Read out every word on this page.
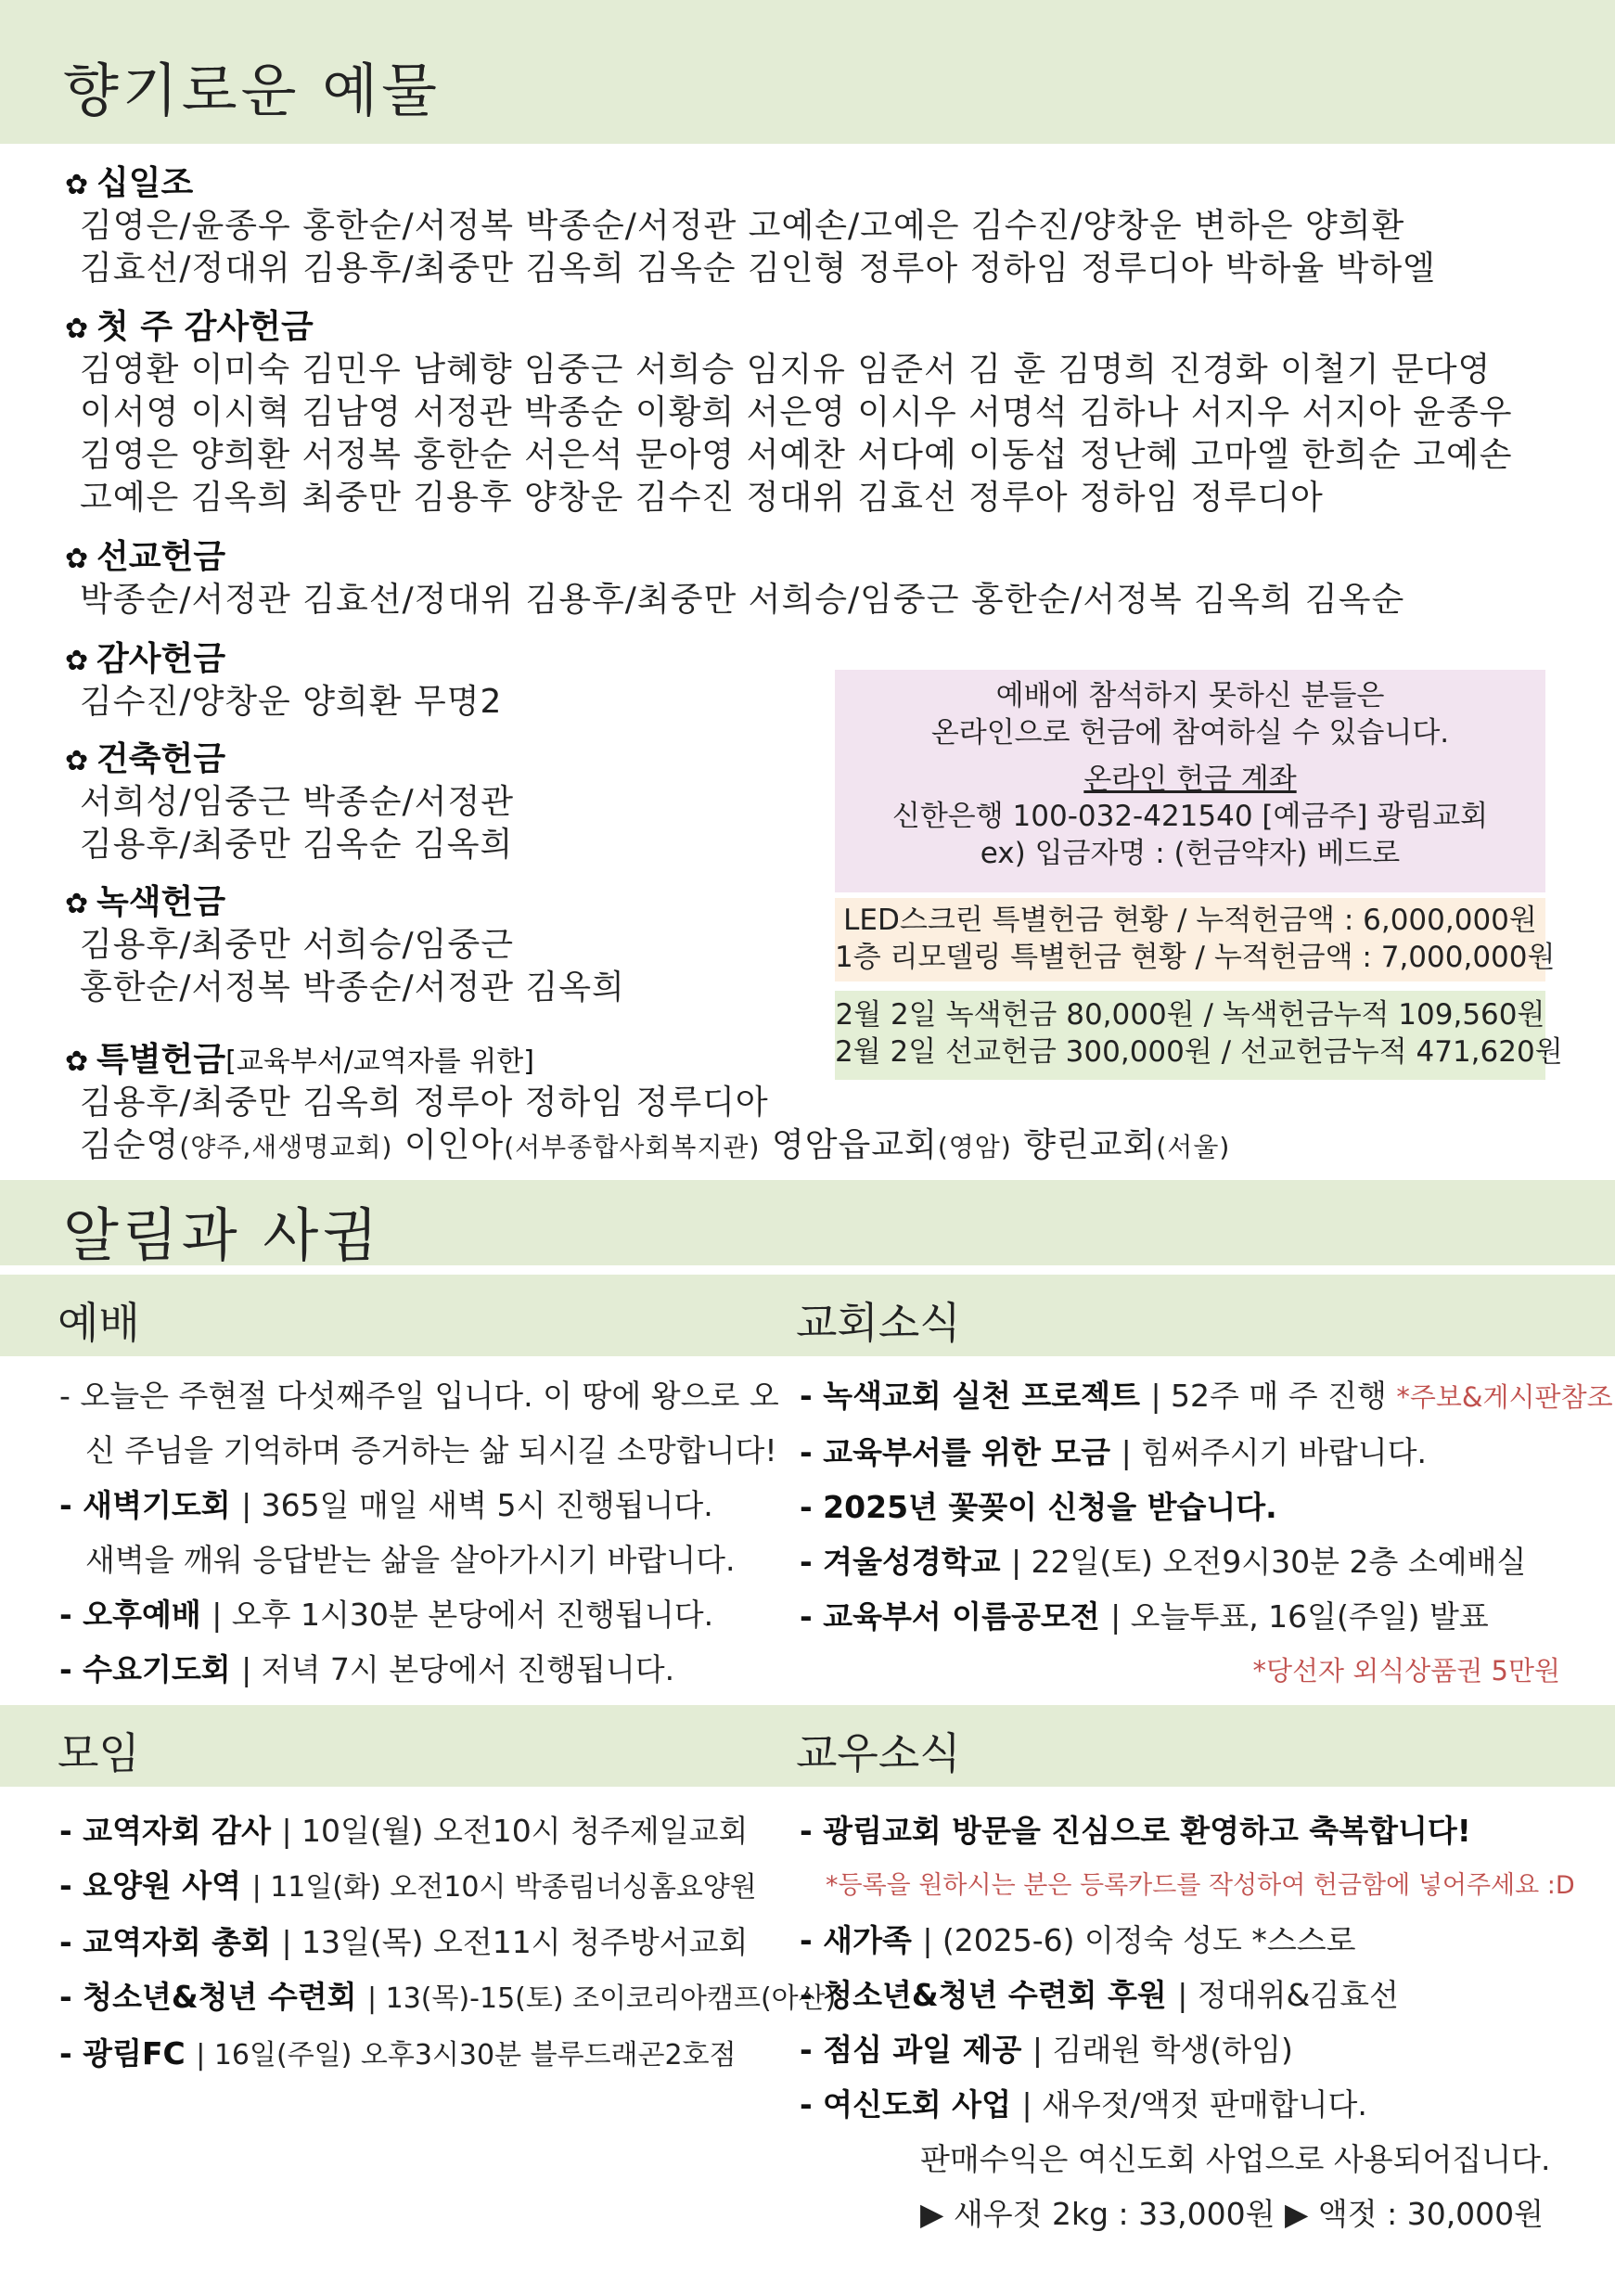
향기로운 예물
✿ 십일조
김영은/윤종우 홍한순/서정복 박종순/서정관 고예손/고예은 김수진/양창운 변하은 양희환
김효선/정대위 김용후/최중만 김옥희 김옥순 김인형 정루아 정하임 정루디아 박하율 박하엘
✿ 첫 주 감사헌금
김영환 이미숙 김민우 남혜향 임중근 서희승 임지유 임준서 김 훈 김명희 진경화 이철기 문다영
이서영 이시혁 김남영 서정관 박종순 이황희 서은영 이시우 서명석 김하나 서지우 서지아 윤종우
김영은 양희환 서정복 홍한순 서은석 문아영 서예찬 서다예 이동섭 정난혜 고마엘 한희순 고예손
고예은 김옥희 최중만 김용후 양창운 김수진 정대위 김효선 정루아 정하임 정루디아
✿ 선교헌금
박종순/서정관 김효선/정대위 김용후/최중만 서희승/임중근 홍한순/서정복 김옥희 김옥순
✿ 감사헌금
김수진/양창운 양희환 무명2
✿ 건축헌금
서희성/임중근 박종순/서정관
김용후/최중만 김옥순 김옥희
✿ 녹색헌금
김용후/최중만 서희승/임중근
홍한순/서정복 박종순/서정관 김옥희
✿ 특별헌금[교육부서/교역자를 위한]
김용후/최중만 김옥희 정루아 정하임 정루디아
김순영(양주,새생명교회) 이인아(서부종합사회복지관) 영암읍교회(영암) 향린교회(서울)
예배에 참석하지 못하신 분들은
온라인으로 헌금에 참여하실 수 있습니다.
온라인 헌금 계좌
신한은행 100-032-421540 [예금주] 광림교회
ex) 입금자명 : (헌금약자) 베드로
LED스크린 특별헌금 현황 / 누적헌금액 : 6,000,000원
1층 리모델링 특별헌금 현황 / 누적헌금액 : 7,000,000원
2월 2일 녹색헌금 80,000원 / 녹색헌금누적 109,560원
2월 2일 선교헌금 300,000원 / 선교헌금누적 471,620원
알림과 사귐
예배	교회소식
- 오늘은 주현절 다섯째주일 입니다. 이 땅에 왕으로 오
신 주님을 기억하며 증거하는 삶 되시길 소망합니다!
- 새벽기도회 | 365일 매일 새벽 5시 진행됩니다.
새벽을 깨워 응답받는 삶을 살아가시기 바랍니다.
- 오후예배 | 오후 1시30분 본당에서 진행됩니다.
- 수요기도회 | 저녁 7시 본당에서 진행됩니다.
- 녹색교회 실천 프로젝트 | 52주 매 주 진행 *주보&게시판참조
- 교육부서를 위한 모금 | 힘써주시기 바랍니다.
- 2025년 꽃꽂이 신청을 받습니다.
- 겨울성경학교 | 22일(토) 오전9시30분 2층 소예배실
- 교육부서 이름공모전 | 오늘투표, 16일(주일) 발표
*당선자 외식상품권 5만원
모임	교우소식
- 교역자회 감사 | 10일(월) 오전10시 청주제일교회
- 요양원 사역 | 11일(화) 오전10시 박종림너싱홈요양원
- 교역자회 총회 | 13일(목) 오전11시 청주방서교회
- 청소년&청년 수련회 | 13(목)-15(토) 조이코리아캠프(아산)
- 광림FC | 16일(주일) 오후3시30분 블루드래곤2호점
- 광림교회 방문을 진심으로 환영하고 축복합니다!
*등록을 원하시는 분은 등록카드를 작성하여 헌금함에 넣어주세요 :D
- 새가족 | (2025-6) 이정숙 성도 *스스로
- 청소년&청년 수련회 후원 | 정대위&김효선
- 점심 과일 제공 | 김래원 학생(하임)
- 여신도회 사업 | 새우젓/액젓 판매합니다.
판매수익은 여신도회 사업으로 사용되어집니다.
▶ 새우젓 2kg : 33,000원 ▶ 액젓 : 30,000원
